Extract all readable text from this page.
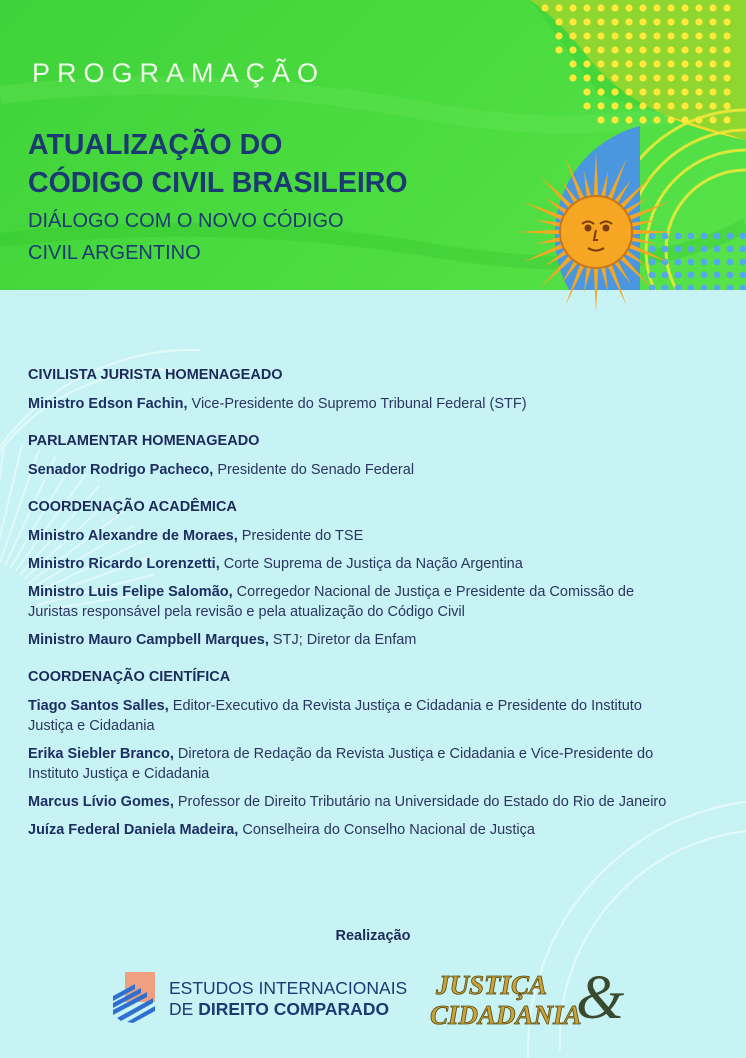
PROGRAMAÇÃO
ATUALIZAÇÃO DO
CÓDIGO CIVIL BRASILEIRO
DIÁLOGO COM O NOVO CÓDIGO
CIVIL ARGENTINO
CIVILISTA JURISTA HOMENAGEADO

Ministro Edson Fachin, Vice-Presidente do Supremo Tribunal Federal (STF)

PARLAMENTAR HOMENAGEADO

Senador Rodrigo Pacheco, Presidente do Senado Federal

COORDENAÇÃO ACADÊMICA

Ministro Alexandre de Moraes, Presidente do TSE

Ministro Ricardo Lorenzetti, Corte Suprema de Justiça da Nação Argentina

Ministro Luis Felipe Salomão, Corregedor Nacional de Justiça e Presidente da Comissão de Juristas responsável pela revisão e pela atualização do Código Civil

Ministro Mauro Campbell Marques, STJ; Diretor da Enfam

COORDENAÇÃO CIENTÍFICA

Tiago Santos Salles, Editor-Executivo da Revista Justiça e Cidadania e Presidente do Instituto Justiça e Cidadania

Erika Siebler Branco, Diretora de Redação da Revista Justiça e Cidadania e Vice-Presidente do Instituto Justiça e Cidadania

Marcus Lívio Gomes, Professor de Direito Tributário na Universidade do Estado do Rio de Janeiro

Juíza Federal Daniela Madeira, Conselheira do Conselho Nacional de Justiça

Realização
ESTUDOS INTERNACIONAIS
DE DIREITO COMPARADO	&
JUSTIÇA
CIDADANIA
